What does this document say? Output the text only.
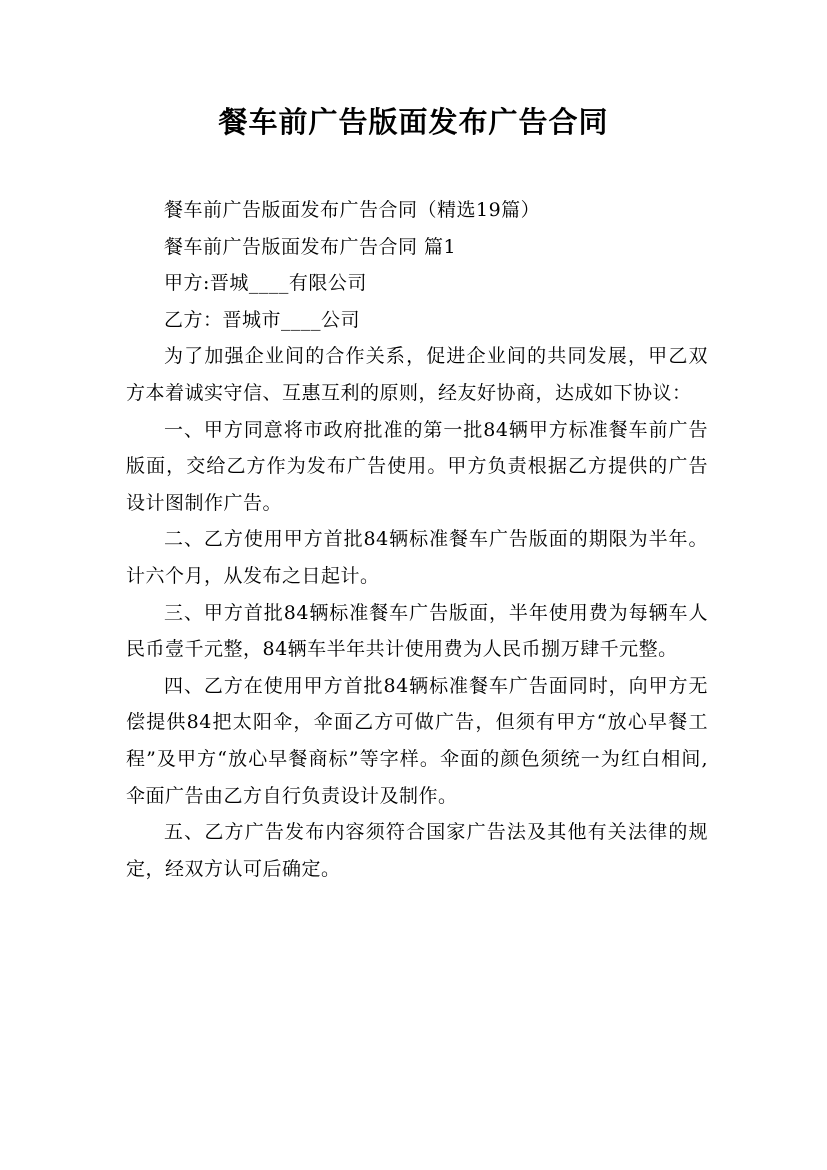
餐车前广告版面发布广告合同

餐车前广告版面发布广告合同（精选19篇）

餐车前广告版面发布广告合同 篇1

甲方:晋城____有限公司

乙方：晋城市____公司

为了加强企业间的合作关系，促进企业间的共同发展，甲乙双方本着诚实守信、互惠互利的原则，经友好协商，达成如下协议：

一、甲方同意将市政府批准的第一批84辆甲方标准餐车前广告版面，交给乙方作为发布广告使用。甲方负责根据乙方提供的广告设计图制作广告。

二、乙方使用甲方首批84辆标准餐车广告版面的期限为半年。计六个月，从发布之日起计。

三、甲方首批84辆标准餐车广告版面，半年使用费为每辆车人民币壹千元整，84辆车半年共计使用费为人民币捌万肆千元整。

四、乙方在使用甲方首批84辆标准餐车广告面同时，向甲方无偿提供84把太阳伞，伞面乙方可做广告，但须有甲方“放心早餐工程”及甲方“放心早餐商标”等字样。伞面的颜色须统一为红白相间,伞面广告由乙方自行负责设计及制作。

五、乙方广告发布内容须符合国家广告法及其他有关法律的规定，经双方认可后确定。
